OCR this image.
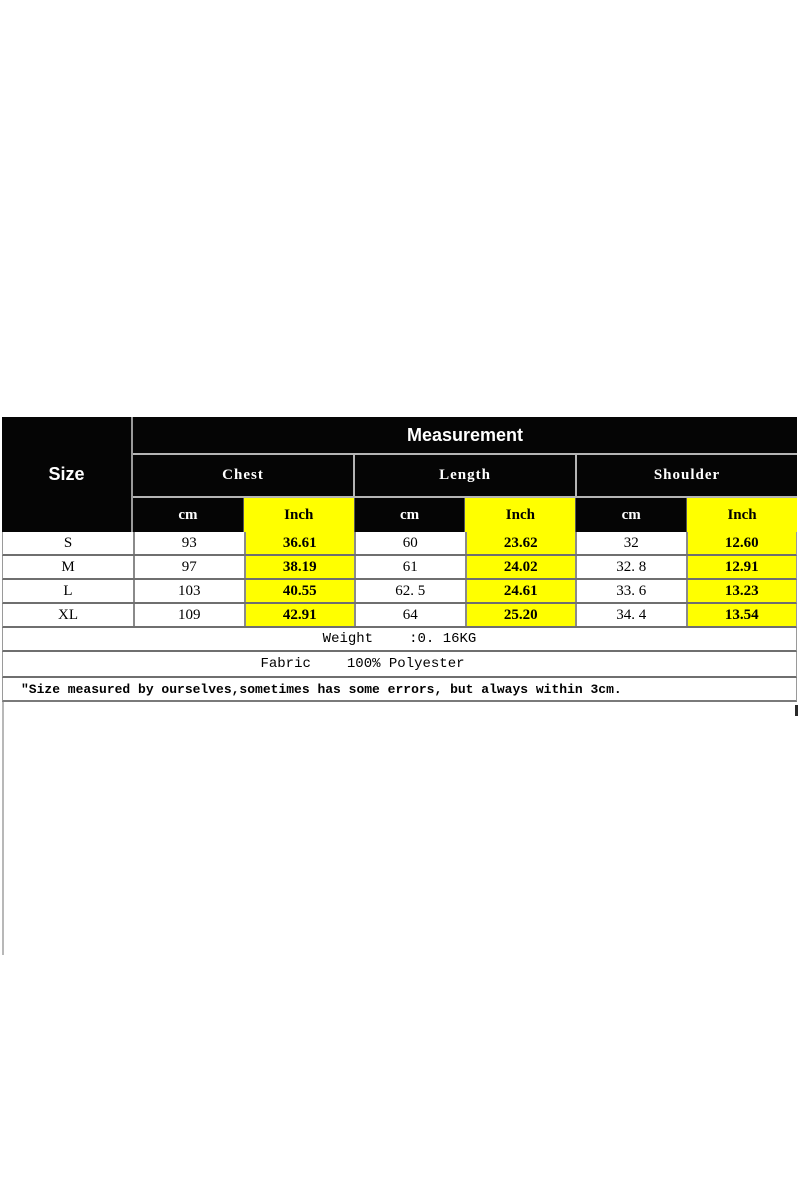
Size
Measurement
Chest	Length	Shoulder
cm	Inch	cm	Inch	cm	Inch
S	93	36.61	60	23.62	32	12.60
M	97	38.19	61	24.02	32. 8	12.91
L	103	40.55	62. 5	24.61	33. 6	13.23
XL	109	42.91	64	25.20	34. 4	13.54
Weight	:0. 16KG
Fabric	100% Polyester
″Size measured by ourselves,sometimes has some errors, but always within 3cm.
